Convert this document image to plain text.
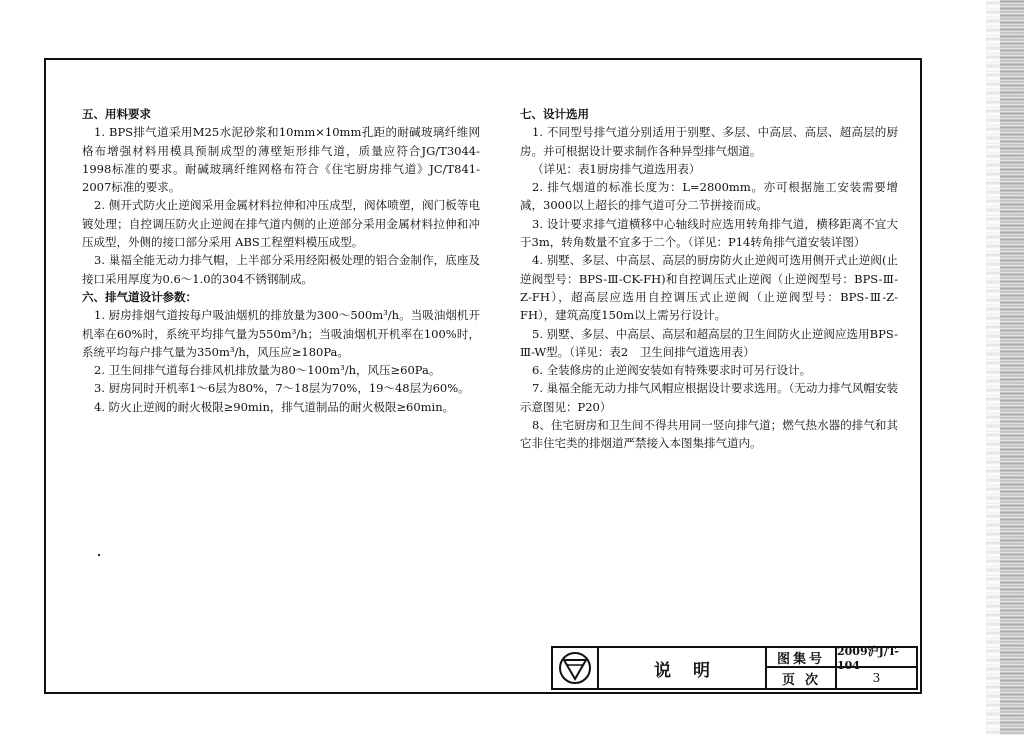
五、用料要求

1. BPS排气道采用M25水泥砂浆和10mm×10mm孔距的耐碱玻璃纤维网格布增强材料用模具预制成型的薄壁矩形排气道，质量应符合JG/T3044-1998标准的要求。耐碱玻璃纤维网格布符合《住宅厨房排气道》JC/T841-2007标准的要求。

2. 侧开式防火止逆阀采用金属材料拉伸和冲压成型，阀体喷塑，阀门板等电镀处理；自控调压防火止逆阀在排气道内侧的止逆部分采用金属材料拉伸和冲压成型，外侧的接口部分采用 ABS工程塑料模压成型。

3. 巢福全能无动力排气帽，上半部分采用经阳极处理的铝合金制作，底座及接口采用厚度为0.6～1.0的304不锈钢制成。

六、排气道设计参数：

1. 厨房排烟气道按每户吸油烟机的排放量为300～500m³/h。当吸油烟机开机率在60%时，系统平均排气量为550m³/h；当吸油烟机开机率在100%时，系统平均每户排气量为350m³/h，风压应≥180Pa。

2. 卫生间排气道每台排风机排放量为80～100m³/h，风压≥60Pa。

3. 厨房同时开机率1～6层为80%，7～18层为70%，19～48层为60%。

4. 防火止逆阀的耐火极限≥90min，排气道制品的耐火极限≥60min。

七、设计选用

1. 不同型号排气道分别适用于别墅、多层、中高层、高层、超高层的厨房。并可根据设计要求制作各种异型排气烟道。

（详见：表1厨房排气道选用表）

2. 排气烟道的标准长度为：L=2800mm。亦可根据施工安装需要增减，3000以上超长的排气道可分二节拼接而成。

3. 设计要求排气道横移中心轴线时应选用转角排气道，横移距离不宜大于3m，转角数量不宜多于二个。（详见：P14转角排气道安装详图）

4. 别墅、多层、中高层、高层的厨房防火止逆阀可选用侧开式止逆阀(止逆阀型号：BPS-Ⅲ-CK-FH)和自控调压式止逆阀（止逆阀型号：BPS-Ⅲ-Z-FH），超高层应选用自控调压式止逆阀（止逆阀型号：BPS-Ⅲ-Z-FH），建筑高度150m以上需另行设计。

5. 别墅、多层、中高层、高层和超高层的卫生间防火止逆阀应选用BPS-Ⅲ-W型。（详见：表2　卫生间排气道选用表）

6. 全装修房的止逆阀安装如有特殊要求时可另行设计。

7. 巢福全能无动力排气风帽应根据设计要求选用。（无动力排气风帽安装示意图见：P20）

8、住宅厨房和卫生间不得共用同一竖向排气道；燃气热水器的排气和其它非住宅类的排烟道严禁接入本图集排气道内。

说明
图集号
2009沪J/T-104
页次	3
